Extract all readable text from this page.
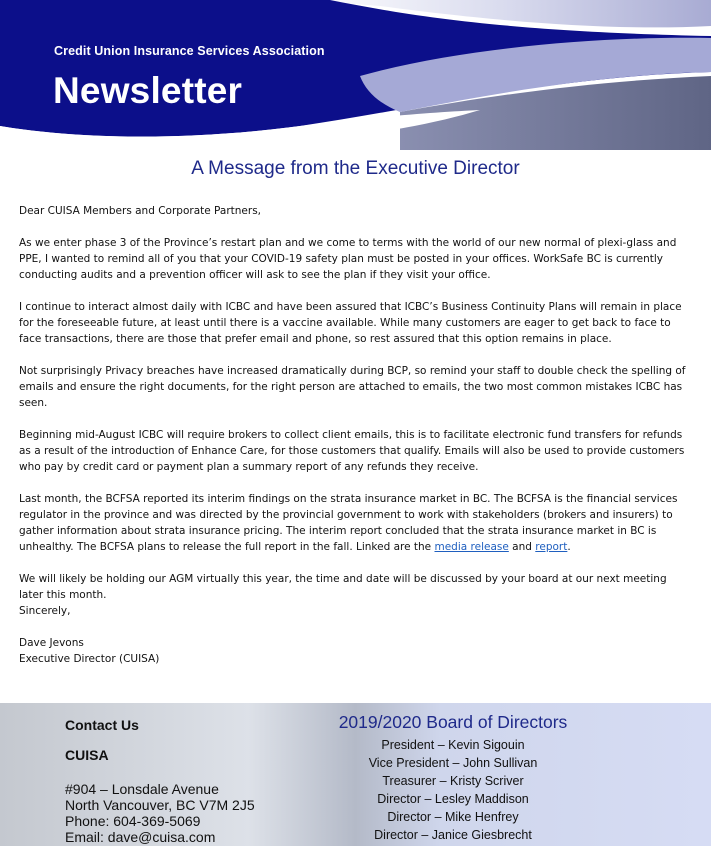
Credit Union Insurance Services Association
Newsletter
A Message from the Executive Director

Dear CUISA Members and Corporate Partners,

As we enter phase 3 of the Province’s restart plan and we come to terms with the world of our new normal of plexi-glass and PPE, I wanted to remind all of you that your COVID-19 safety plan must be posted in your offices. WorkSafe BC is currently conducting audits and a prevention officer will ask to see the plan if they visit your office.

I continue to interact almost daily with ICBC and have been assured that ICBC’s Business Continuity Plans will remain in place for the foreseeable future, at least until there is a vaccine available. While many customers are eager to get back to face to face transactions, there are those that prefer email and phone, so rest assured that this option remains in place.

Not surprisingly Privacy breaches have increased dramatically during BCP, so remind your staff to double check the spelling of emails and ensure the right documents, for the right person are attached to emails, the two most common mistakes ICBC has seen.

Beginning mid-August ICBC will require brokers to collect client emails, this is to facilitate electronic fund transfers for refunds as a result of the introduction of Enhance Care, for those customers that qualify. Emails will also be used to provide customers who pay by credit card or payment plan a summary report of any refunds they receive.

Last month, the BCFSA reported its interim findings on the strata insurance market in BC. The BCFSA is the financial services regulator in the province and was directed by the provincial government to work with stakeholders (brokers and insurers) to gather information about strata insurance pricing. The interim report concluded that the strata insurance market in BC is unhealthy. The BCFSA plans to release the full report in the fall. Linked are the media release and report.

We will likely be holding our AGM virtually this year, the time and date will be discussed by your board at our next meeting later this month.

Sincerely,

Dave Jevons
Executive Director (CUISA)
Contact Us
CUISA
#904 – Lonsdale Avenue
North Vancouver, BC V7M 2J5
Phone: 604-369-5069
Email: dave@cuisa.com
2019/2020 Board of Directors
President – Kevin Sigouin
Vice President – John Sullivan
Treasurer – Kristy Scriver
Director – Lesley Maddison
Director – Mike Henfrey
Director – Janice Giesbrecht
